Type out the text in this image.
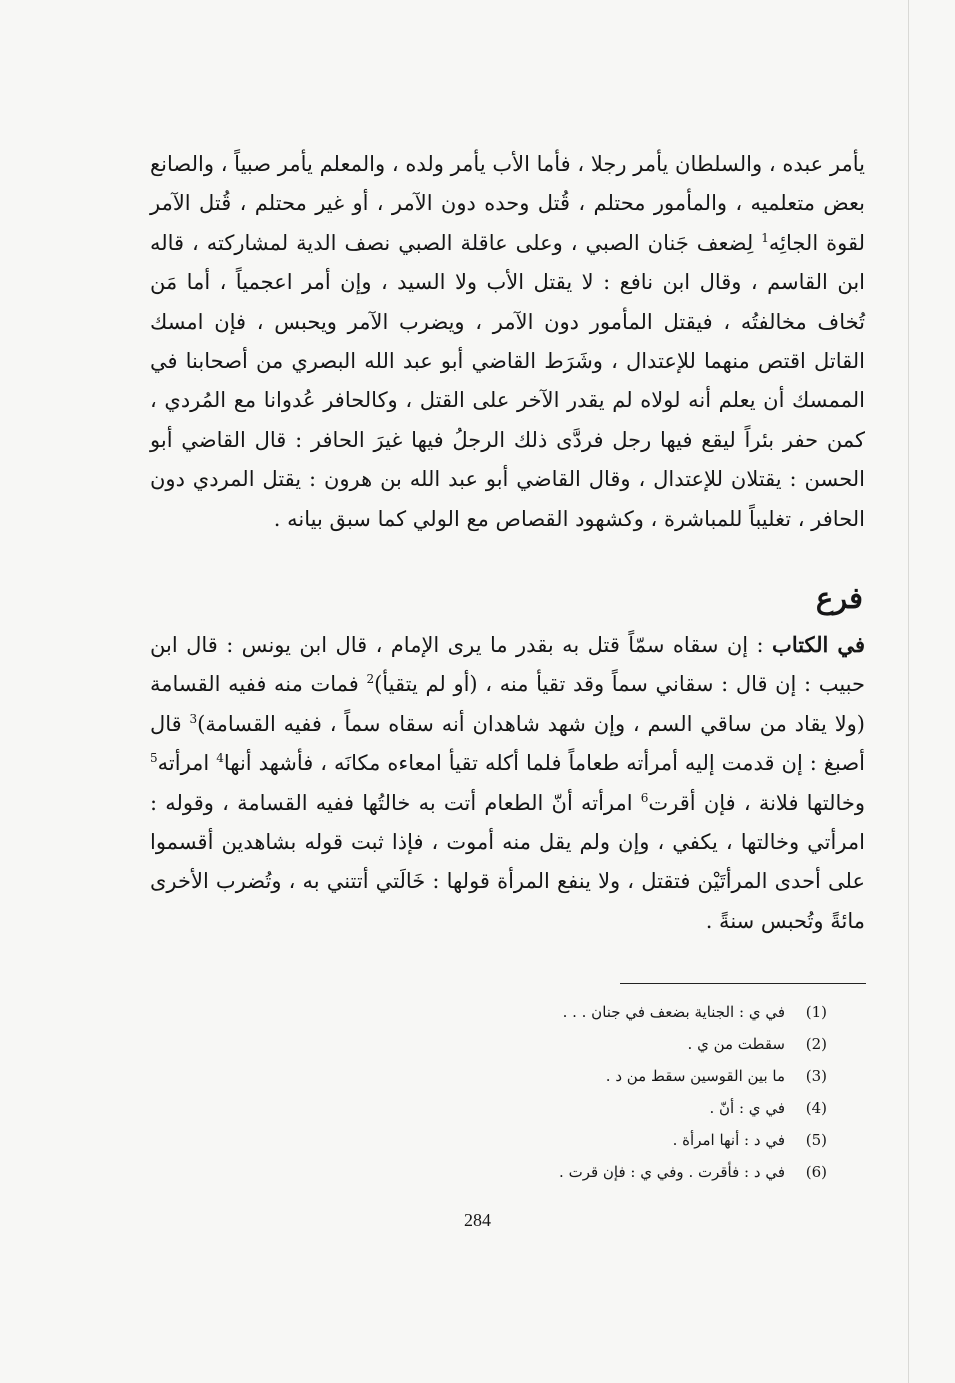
يأمر عبده ، والسلطان يأمر رجلا ، فأما الأب يأمر ولده ، والمعلم يأمر صبياً ، والصانع بعض متعلميه ، والمأمور محتلم ، قُتل وحده دون الآمر ، أو غير محتلم ، قُتل الآمر لقوة الجائِه$^1$ لِضعف جَنان الصبي ، وعلى عاقلة الصبي نصف الدية لمشاركته ، قاله ابن القاسم ، وقال ابن نافع : لا يقتل الأب ولا السيد ، وإن أمر اعجمياً ، أما مَن تُخاف مخالفتُه ، فيقتل المأمور دون الآمر ، ويضرب الآمر ويحبس ، فإن امسك القاتل اقتص منهما للإعتدال ، وشَرَط القاضي أبو عبد الله البصري من أصحابنا في الممسك أن يعلم أنه لولاه لم يقدر الآخر على القتل ، وكالحافر عُدوانا مع المُردي ، كمن حفر بئراً ليقع فيها رجل فردَّى ذلك الرجلُ فيها غيرَ الحافر : قال القاضي أبو الحسن : يقتلان للإعتدال ، وقال القاضي أبو عبد الله بن هرون : يقتل المردي دون الحافر ، تغليباً للمباشرة ، وكشهود القصاص مع الولي كما سبق بيانه .

فرع

في الكتاب : إن سقاه سمّاً قتل به بقدر ما يرى الإمام ، قال ابن يونس : قال ابن حبيب : إن قال : سقاني سماً وقد تقيأ منه ، (أو لم يتقيأ)$^2$ فمات منه ففيه القسامة (ولا يقاد من ساقي السم ، وإن شهد شاهدان أنه سقاه سماً ، ففيه القسامة)$^3$ قال أصبغ : إن قدمت إليه أمرأته طعاماً فلما أكله تقيأ امعاءه مكانَه ، فأشهد أنها$^4$ امرأته$^5$ وخالتها فلانة ، فإن أقرت$^6$ امرأته أنّ الطعام أتت به خالتُها ففيه القسامة ، وقوله : امرأتي وخالتها ، يكفي ، وإن ولم يقل منه أموت ، فإذا ثبت قوله بشاهدين أقسموا على أحدى المرأتَيْن فتقتل ، ولا ينفع المرأة قولها : خَالَتي أتتني به ، وتُضرب الأخرى مائةً وتُحبس سنةً .

(1)
في ي : الجناية بضعف في جنان . . .
(2)
سقطت من ي .
(3)
ما بين القوسين سقط من د .
(4)
في ي : أنّ .
(5)
في د : أنها امرأة .
(6)
في د : فأقرت . وفي ي : فإن قرت .
284
